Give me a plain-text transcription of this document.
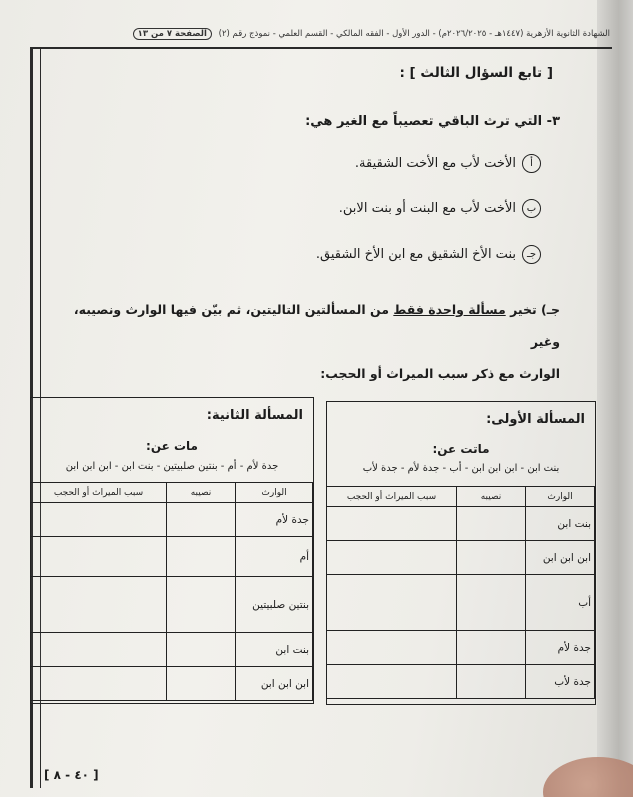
الشهادة الثانوية الأزهرية (١٤٤٧هـ - ٢٠٢٦/٢٠٢٥م) - الدور الأول - الفقه المالكي - القسم العلمي - نموذج رقم (٢) الصفحة ٧ من ١٣
[ تابع السؤال الثالث ] :
٣- التي ترث الباقي تعصيباً مع الغير هي:
أ
الأخت لأب مع الأخت الشقيقة.
ب
الأخت لأب مع البنت أو بنت الابن.
جـ
بنت الأخ الشقيق مع ابن الأخ الشقيق.
جـ) تخير مسألة واحدة فقط من المسألتين التاليتين، ثم بيّن فيها الوارث ونصيبه، وغير
الوارث مع ذكر سبب الميراث أو الحجب:
المسألة الأولى:
ماتت عن:
بنت ابن - ابن ابن ابن - أب - جدة لأم - جدة لأب
الوارث	نصيبه	سبب الميراث أو الحجب
بنت ابن		
ابن ابن ابن		
أب		
جدة لأم		
جدة لأب		
المسألة الثانية:
مات عن:
جدة لأم - أم - بنتين صلبيتين - بنت ابن - ابن ابن ابن
الوارث	نصيبه	سبب الميراث أو الحجب
جدة لأم		
أم		
بنتين صلبيتين		
بنت ابن		
ابن ابن ابن		
[ ٤٠ - ٨ ]
